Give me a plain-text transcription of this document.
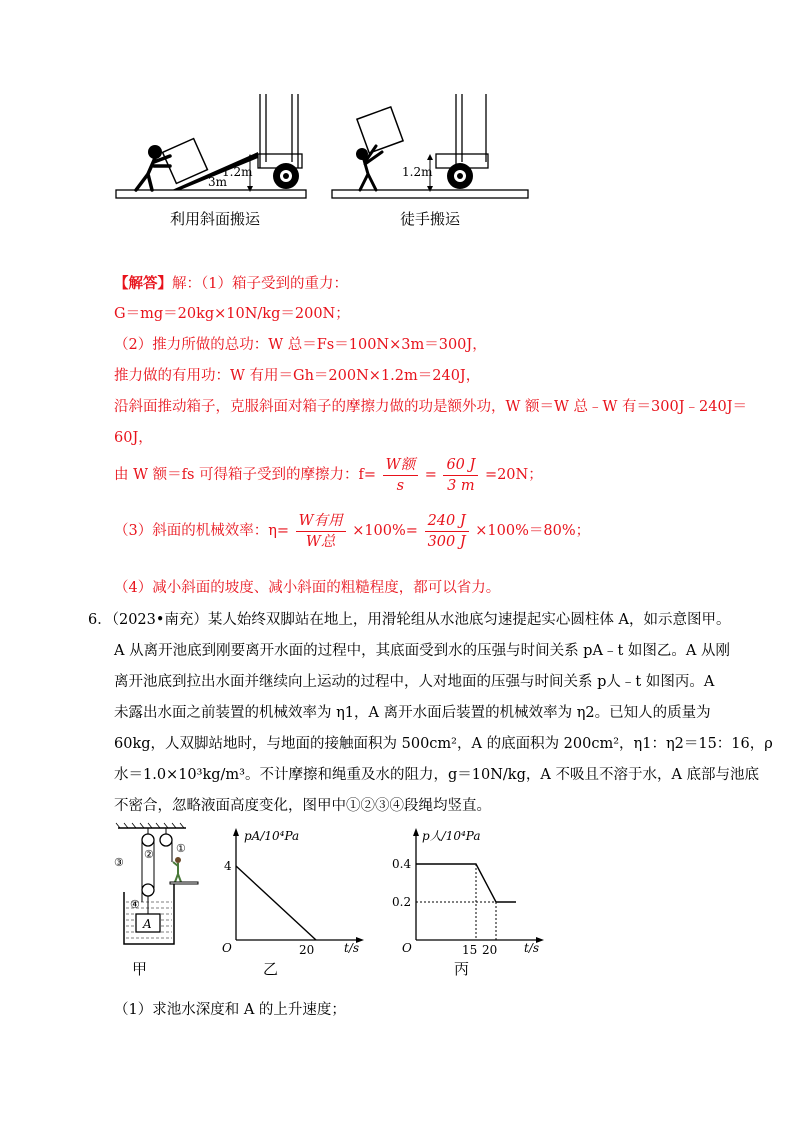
1.2m
3m
1.2m
利用斜面搬运	徒手搬运
【解答】解：（1）箱子受到的重力：
G＝mg＝20kg×10N/kg＝200N；
（2）推力所做的总功：W 总＝Fs＝100N×3m＝300J，
推力做的有用功：W 有用＝Gh＝200N×1.2m＝240J，
沿斜面推动箱子，克服斜面对箱子的摩擦力做的功是额外功，W 额＝W 总﹣W 有＝300J﹣240J＝
60J，
由 W 额＝fs 可得箱子受到的摩擦力：$f= \frac{\text{W额}}{s} = \frac{60 J}{3 m} =20N$；
（3）斜面的机械效率：$\eta= \frac{\text{W有用}}{\text{W总}} \times 100\%= \frac{240 J}{300 J} \times 100\%=80\%$；
（4）减小斜面的坡度、减小斜面的粗糙程度，都可以省力。
6．（2023•南充）某人始终双脚站在地上，用滑轮组从水池底匀速提起实心圆柱体 A，如示意图甲。
A 从离开池底到刚要离开水面的过程中，其底面受到水的压强与时间关系 pA﹣t 如图乙。A 从刚
离开池底到拉出水面并继续向上运动的过程中，人对地面的压强与时间关系 p人﹣t 如图丙。A
未露出水面之前装置的机械效率为 η1，A 离开水面后装置的机械效率为 η2。已知人的质量为
60kg，人双脚站地时，与地面的接触面积为 500cm²，A 的底面积为 200cm²，η1：η2＝15：16，ρ
水＝1.0×10³kg/m³。不计摩擦和绳重及水的阻力，g＝10N/kg，A 不吸且不溶于水，A 底部与池底
不密合，忽略液面高度变化，图甲中①②③④段绳均竖直。
①
②
③
④
A
甲
pA/10⁴Pa
t/s
O
4
20
乙
p人/10⁴Pa
t/s
O
0.4
0.2
15 20
丙
（1）求池水深度和 A 的上升速度；
